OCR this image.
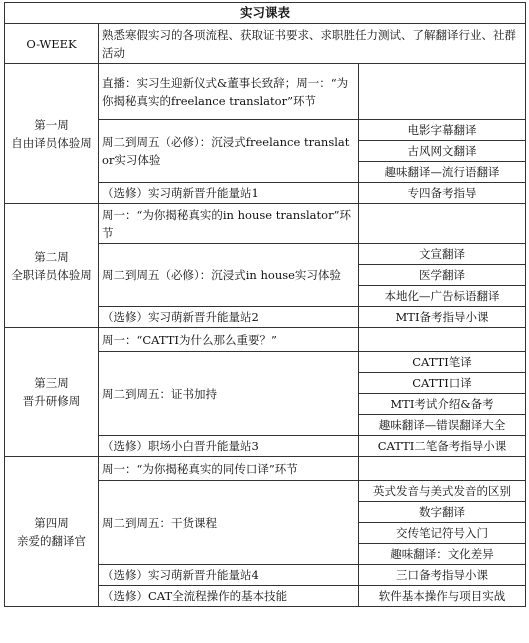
实习课表		
O-WEEK	熟悉寒假实习的各项流程、获取证书要求、求职胜任力测试、了解翻译行业、社群活动	

第一周
自由译员体验周	直播：实习生迎新仪式&董事长致辞；周一：“为你揭秘真实的freelance translator”环节	
	周二到周五（必修）：沉浸式freelance translator实习体验	电影字幕翻译
		古风网文翻译
		趣味翻译—流行语翻译
	（选修）实习萌新晋升能量站1	专四备考指导

第二周
全职译员体验周	周一：“为你揭秘真实的in house translator”环节	
	周二到周五（必修）：沉浸式in house实习体验	文宣翻译
		医学翻译
		本地化—广告标语翻译
	（选修）实习萌新晋升能量站2	MTI备考指导小课

第三周
晋升研修周	周一：“CATTI为什么那么重要？”	
	周二到周五：证书加持	CATTI笔译
		CATTI口译
		MTI考试介绍&备考
		趣味翻译—错误翻译大全
	（选修）职场小白晋升能量站3	CATTI二笔备考指导小课

第四周
亲爱的翻译官	周一：“为你揭秘真实的同传口译”环节	
	周二到周五：干货课程	英式发音与美式发音的区别
		数字翻译
		交传笔记符号入门
		趣味翻译：文化差异
	（选修）实习萌新晋升能量站4	三口备考指导小课
	（选修）CAT全流程操作的基本技能	软件基本操作与项目实战
